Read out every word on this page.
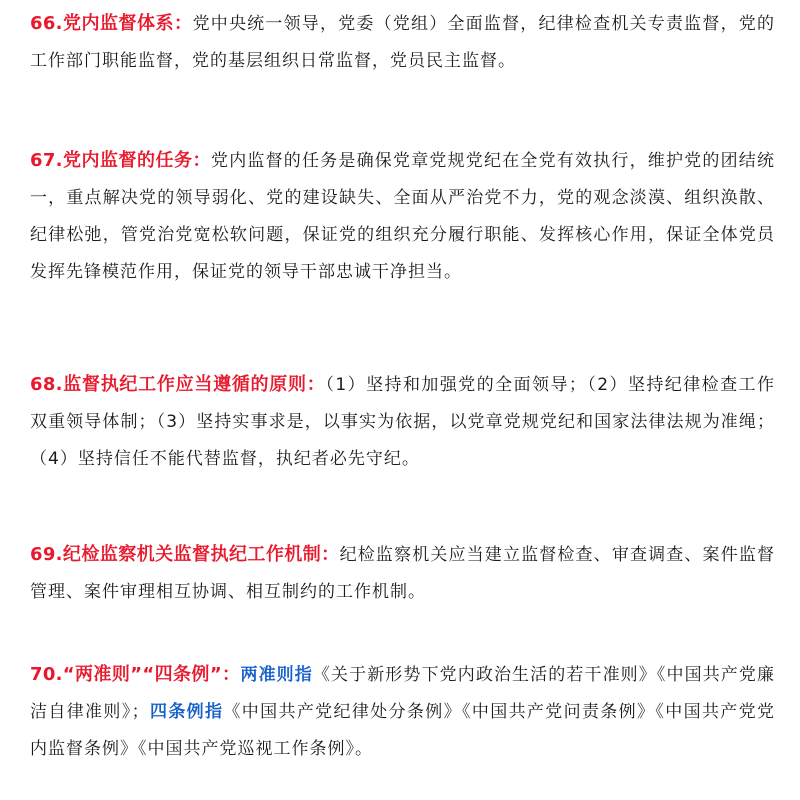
66.党内监督体系：党中央统一领导，党委（党组）全面监督，纪律检查机关专责监督，党的工作部门职能监督，党的基层组织日常监督，党员民主监督。
67.党内监督的任务：党内监督的任务是确保党章党规党纪在全党有效执行，维护党的团结统一，重点解决党的领导弱化、党的建设缺失、全面从严治党不力，党的观念淡漠、组织涣散、纪律松弛，管党治党宽松软问题，保证党的组织充分履行职能、发挥核心作用，保证全体党员发挥先锋模范作用，保证党的领导干部忠诚干净担当。
68.监督执纪工作应当遵循的原则：（1）坚持和加强党的全面领导；（2）坚持纪律检查工作双重领导体制；（3）坚持实事求是，以事实为依据，以党章党规党纪和国家法律法规为准绳；（4）坚持信任不能代替监督，执纪者必先守纪。
69.纪检监察机关监督执纪工作机制：纪检监察机关应当建立监督检查、审查调查、案件监督管理、案件审理相互协调、相互制约的工作机制。
70.“两准则”“四条例”：两准则指《关于新形势下党内政治生活的若干准则》《中国共产党廉洁自律准则》；四条例指《中国共产党纪律处分条例》《中国共产党问责条例》《中国共产党党内监督条例》《中国共产党巡视工作条例》。
